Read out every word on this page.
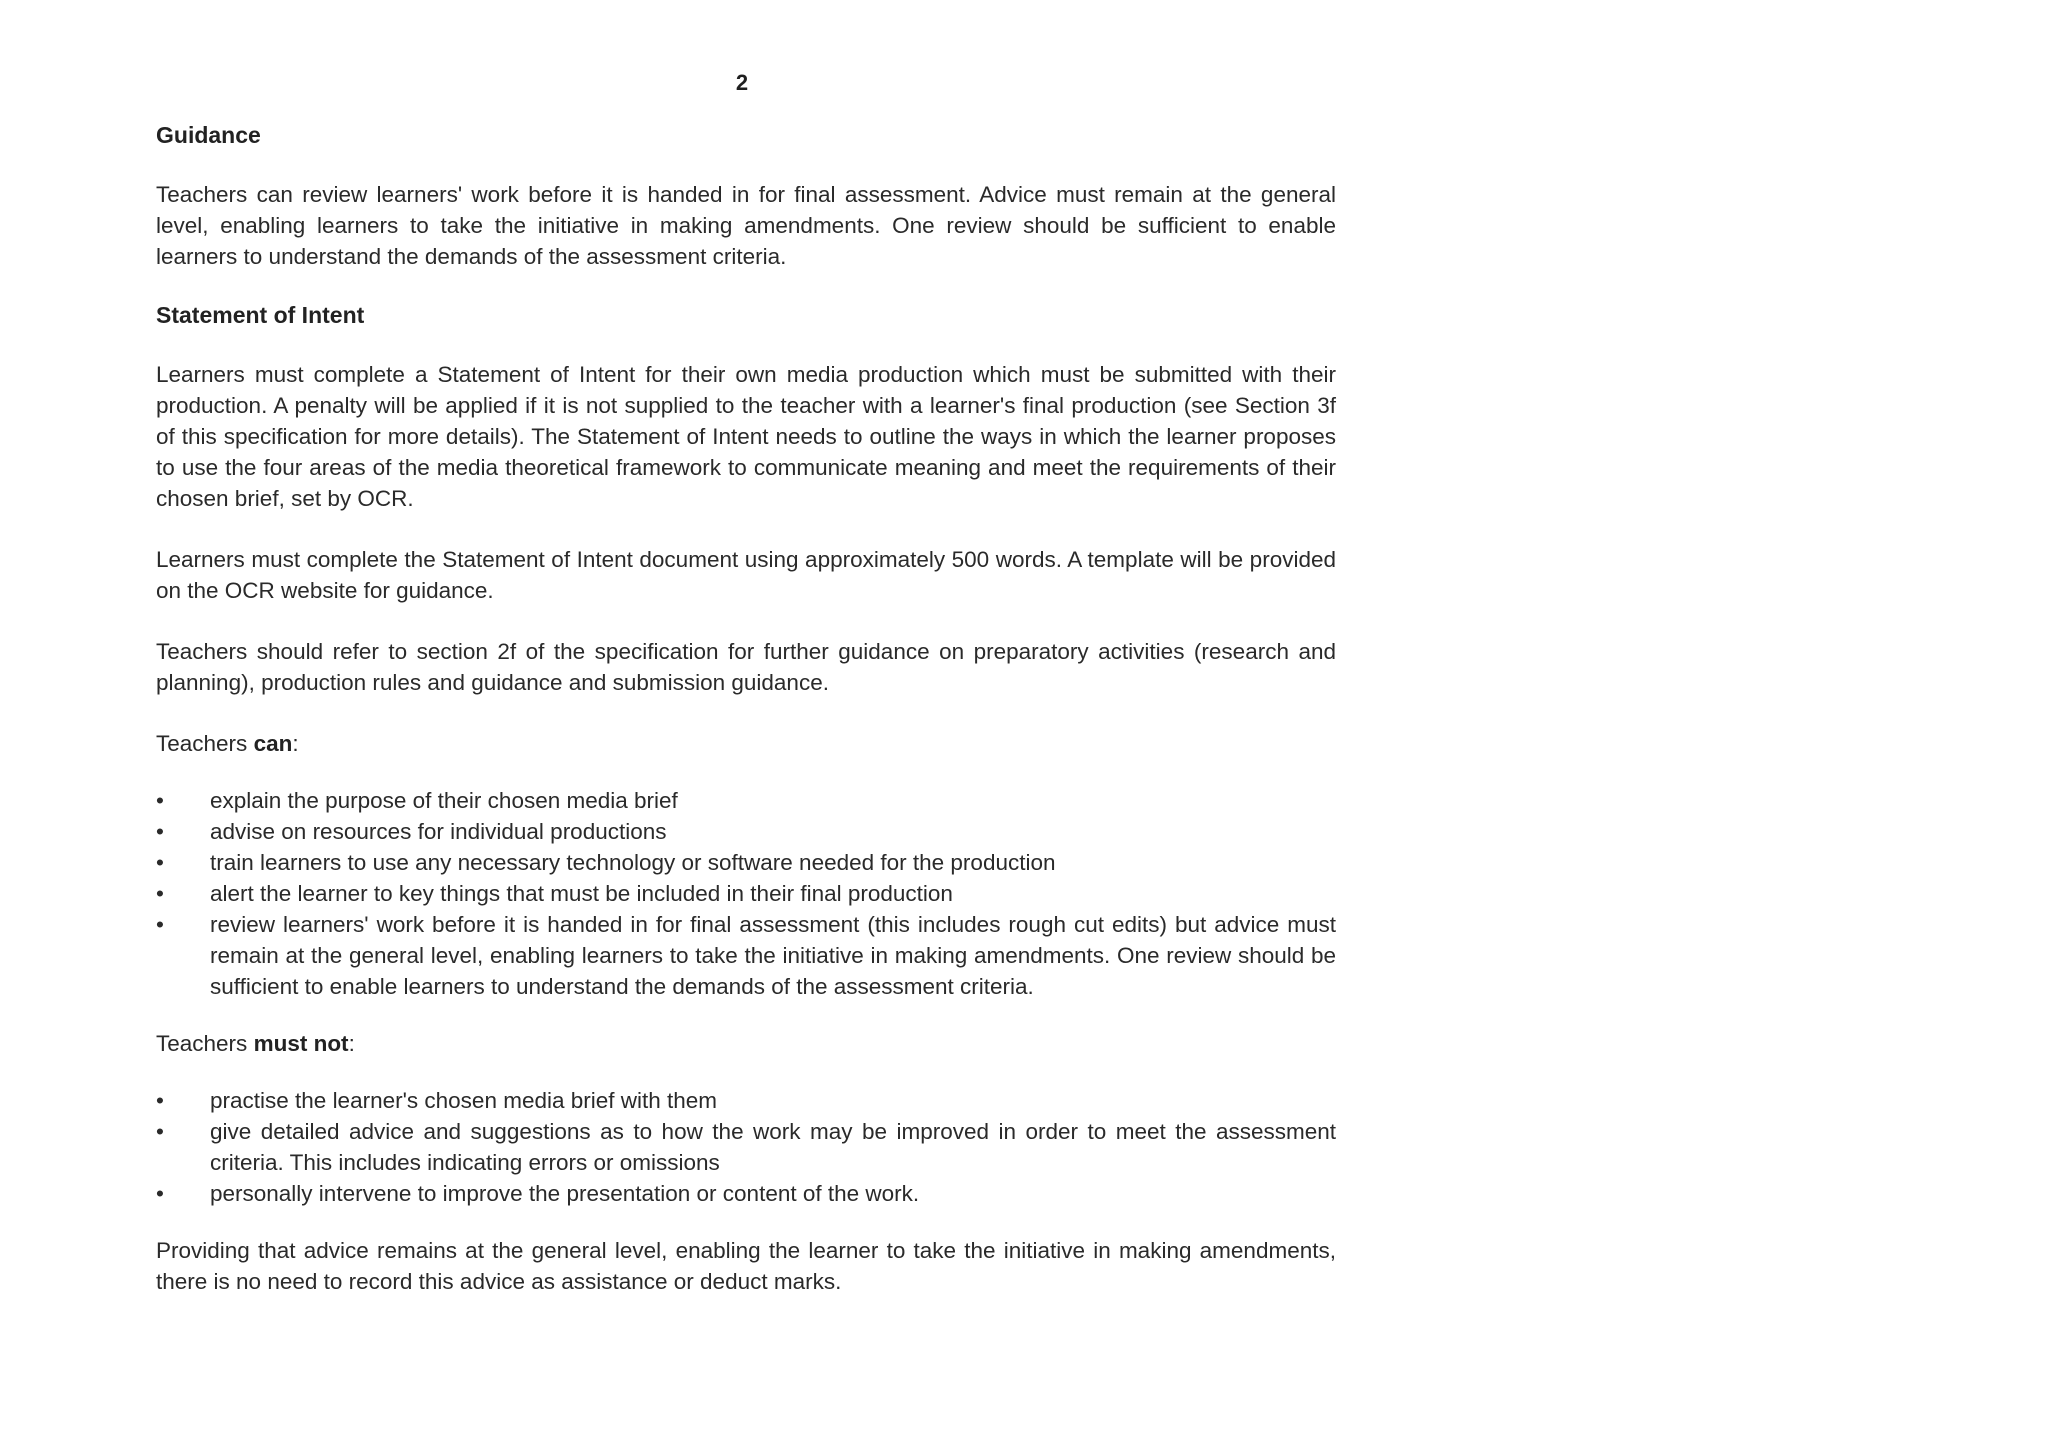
2
Guidance

Teachers can review learners' work before it is handed in for final assessment. Advice must remain at the general level, enabling learners to take the initiative in making amendments. One review should be sufficient to enable learners to understand the demands of the assessment criteria.

Statement of Intent

Learners must complete a Statement of Intent for their own media production which must be submitted with their production. A penalty will be applied if it is not supplied to the teacher with a learner's final production (see Section 3f of this specification for more details). The Statement of Intent needs to outline the ways in which the learner proposes to use the four areas of the media theoretical framework to communicate meaning and meet the requirements of their chosen brief, set by OCR.

Learners must complete the Statement of Intent document using approximately 500 words. A template will be provided on the OCR website for guidance.

Teachers should refer to section 2f of the specification for further guidance on preparatory activities (research and planning), production rules and guidance and submission guidance.

Teachers can:

•	explain the purpose of their chosen media brief
•	advise on resources for individual productions
•	train learners to use any necessary technology or software needed for the production
•	alert the learner to key things that must be included in their final production
•	review learners' work before it is handed in for final assessment (this includes rough cut edits) but advice must remain at the general level, enabling learners to take the initiative in making amendments. One review should be sufficient to enable learners to understand the demands of the assessment criteria.

Teachers must not:

•	practise the learner's chosen media brief with them
•	give detailed advice and suggestions as to how the work may be improved in order to meet the assessment criteria. This includes indicating errors or omissions
•	personally intervene to improve the presentation or content of the work.

Providing that advice remains at the general level, enabling the learner to take the initiative in making amendments, there is no need to record this advice as assistance or deduct marks.
